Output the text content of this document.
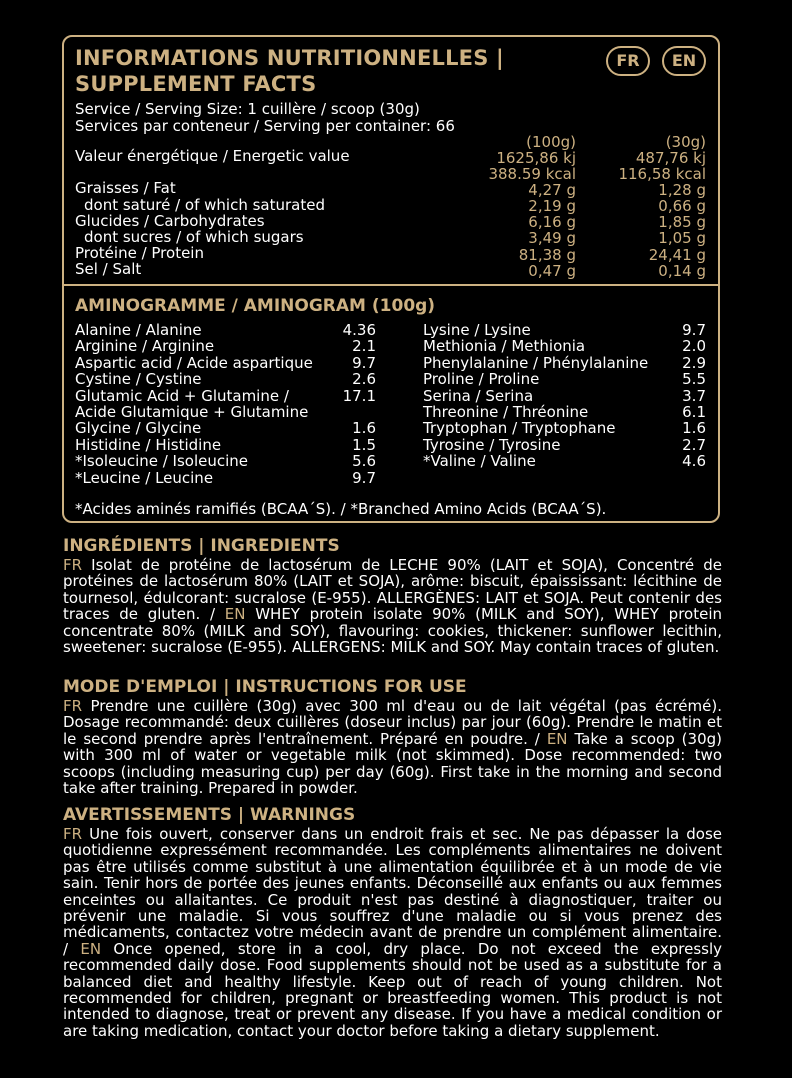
INFORMATIONS NUTRITIONNELLES |
SUPPLEMENT FACTS
FR	EN
Service / Serving Size: 1 cuillère / scoop (30g)
Services par conteneur / Serving per container: 66
(100g)	(30g)
Valeur énergétique / Energetic value	1625,86 kj	487,76 kj
388.59 kcal	116,58 kcal
Graisses / Fat	4,27 g	1,28 g
dont saturé / of which saturated	2,19 g	0,66 g
Glucides / Carbohydrates	6,16 g	1,85 g
dont sucres / of which sugars	3,49 g	1,05 g
Protéine / Protein	81,38 g	24,41 g
Sel / Salt	0,47 g	0,14 g
AMINOGRAMME / AMINOGRAM (100g)
Alanine / Alanine	4.36
Arginine / Arginine	2.1
Aspartic acid / Acide aspartique	9.7
Cystine / Cystine	2.6
Glutamic Acid + Glutamine /	17.1
Acide Glutamique + Glutamine
Glycine / Glycine	1.6
Histidine / Histidine	1.5
*Isoleucine / Isoleucine	5.6
*Leucine / Leucine	9.7
Lysine / Lysine	9.7
Methionia / Methionia	2.0
Phenylalanine / Phénylalanine 2.9
Proline / Proline	5.5
Serina / Serina	3.7
Threonine / Thréonine	6.1
Tryptophan / Tryptophane	1.6
Tyrosine / Tyrosine	2.7
*Valine / Valine	4.6
*Acides aminés ramifiés (BCAA´S). / *Branched Amino Acids (BCAA´S).
INGRÉDIENTS | INGREDIENTS

FR Isolat de protéine de lactosérum de LECHE 90% (LAIT et SOJA), Concentré de protéines de lactosérum 80% (LAIT et SOJA), arôme: biscuit, épaississant: lécithine de tournesol, édulcorant: sucralose (E-955). ALLERGÈNES: LAIT et SOJA. Peut contenir des traces de gluten. / EN WHEY protein isolate 90% (MILK and SOY), WHEY protein concentrate 80% (MILK and SOY), flavouring: cookies, thickener: sunflower lecithin, sweetener: sucralose (E-955). ALLERGENS: MILK and SOY. May contain traces of gluten.

MODE D'EMPLOI | INSTRUCTIONS FOR USE

FR Prendre une cuillère (30g) avec 300 ml d'eau ou de lait végétal (pas écrémé). Dosage recommandé: deux cuillères (doseur inclus) par jour (60g). Prendre le matin et le second prendre après l'entraînement. Préparé en poudre. / EN Take a scoop (30g) with 300 ml of water or vegetable milk (not skimmed). Dose recommended: two scoops (including measuring cup) per day (60g). First take in the morning and second take after training. Prepared in powder.

AVERTISSEMENTS | WARNINGS

FR Une fois ouvert, conserver dans un endroit frais et sec. Ne pas dépasser la dose quotidienne expressément recommandée. Les compléments alimentaires ne doivent pas être utilisés comme substitut à une alimentation équilibrée et à un mode de vie sain. Tenir hors de portée des jeunes enfants. Déconseillé aux enfants ou aux femmes enceintes ou allaitantes. Ce produit n'est pas destiné à diagnostiquer, traiter ou prévenir une maladie. Si vous souffrez d'une maladie ou si vous prenez des médicaments, contactez votre médecin avant de prendre un complément alimentaire. / EN Once opened, store in a cool, dry place. Do not exceed the expressly recommended daily dose. Food supplements should not be used as a substitute for a balanced diet and healthy lifestyle. Keep out of reach of young children. Not recommended for children, pregnant or breastfeeding women. This product is not intended to diagnose, treat or prevent any disease. If you have a medical condition or are taking medication, contact your doctor before taking a dietary supplement.
